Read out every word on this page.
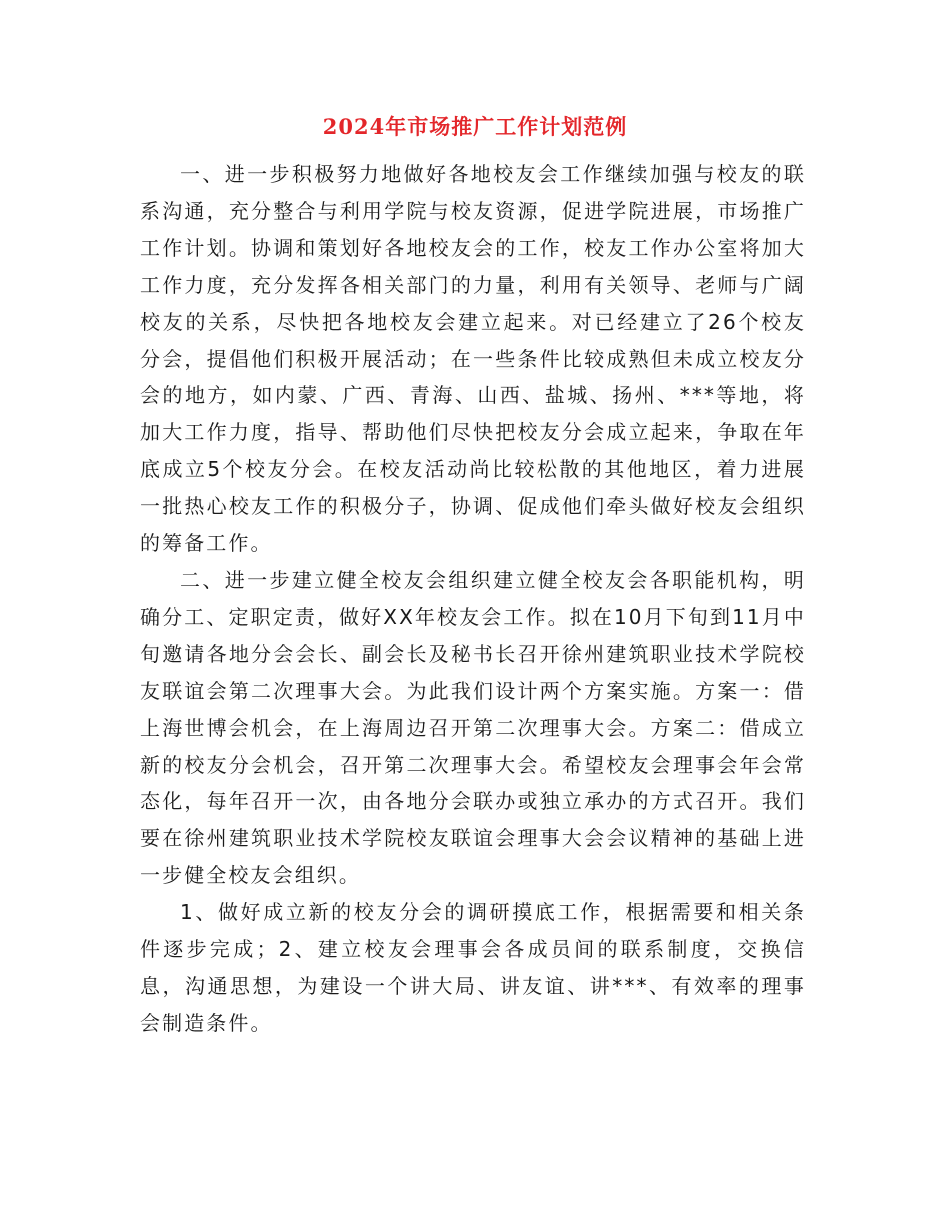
2024年市场推广工作计划范例

一、进一步积极努力地做好各地校友会工作继续加强与校友的联系沟通，充分整合与利用学院与校友资源，促进学院进展，市场推广工作计划。协调和策划好各地校友会的工作，校友工作办公室将加大工作力度，充分发挥各相关部门的力量，利用有关领导、老师与广阔校友的关系，尽快把各地校友会建立起来。对已经建立了26个校友分会，提倡他们积极开展活动；在一些条件比较成熟但未成立校友分会的地方，如内蒙、广西、青海、山西、盐城、扬州、***等地，将加大工作力度，指导、帮助他们尽快把校友分会成立起来，争取在年底成立5个校友分会。在校友活动尚比较松散的其他地区，着力进展一批热心校友工作的积极分子，协调、促成他们牵头做好校友会组织的筹备工作。

二、进一步建立健全校友会组织建立健全校友会各职能机构，明确分工、定职定责，做好XX年校友会工作。拟在10月下旬到11月中旬邀请各地分会会长、副会长及秘书长召开徐州建筑职业技术学院校友联谊会第二次理事大会。为此我们设计两个方案实施。方案一：借上海世博会机会，在上海周边召开第二次理事大会。方案二：借成立新的校友分会机会，召开第二次理事大会。希望校友会理事会年会常态化，每年召开一次，由各地分会联办或独立承办的方式召开。我们要在徐州建筑职业技术学院校友联谊会理事大会会议精神的基础上进一步健全校友会组织。

1、做好成立新的校友分会的调研摸底工作，根据需要和相关条件逐步完成；2、建立校友会理事会各成员间的联系制度，交换信息，沟通思想，为建设一个讲大局、讲友谊、讲***、有效率的理事会制造条件。
